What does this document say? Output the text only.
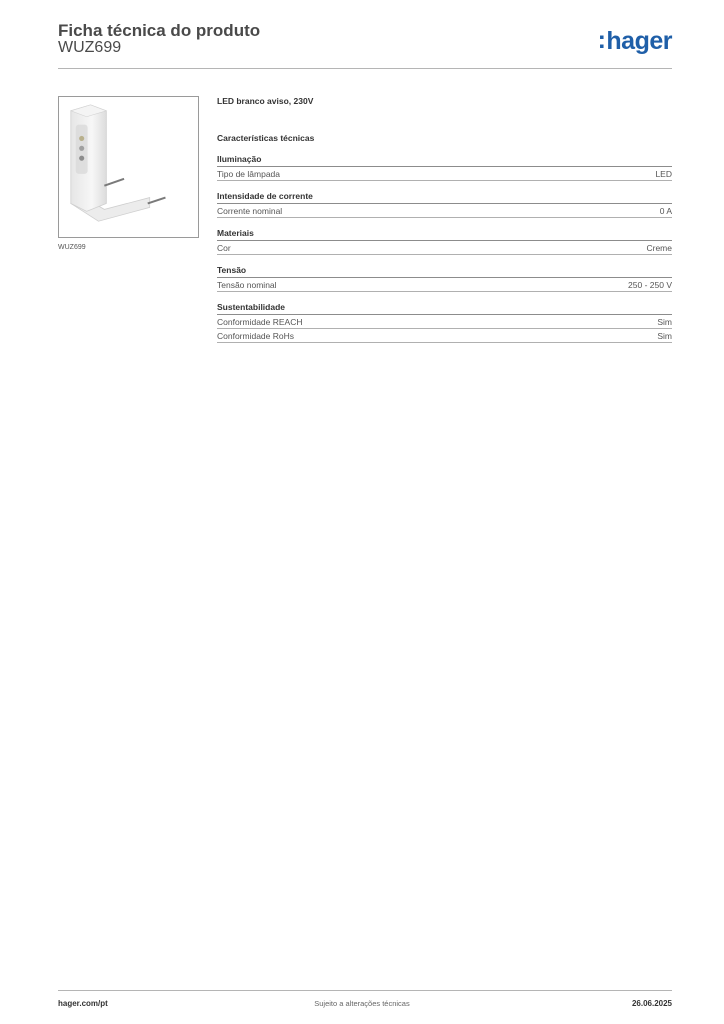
Ficha técnica do produto
WUZ699	:hager
WUZ699
LED branco aviso, 230V
Características técnicas
Iluminação
Tipo de lâmpada	LED
Intensidade de corrente
Corrente nominal	0 A
Materiais
Cor	Creme
Tensão
Tensão nominal	250 - 250 V
Sustentabilidade
Conformidade REACH	Sim
Conformidade RoHs	Sim
hager.com/pt	Sujeito a alterações técnicas	26.06.2025
